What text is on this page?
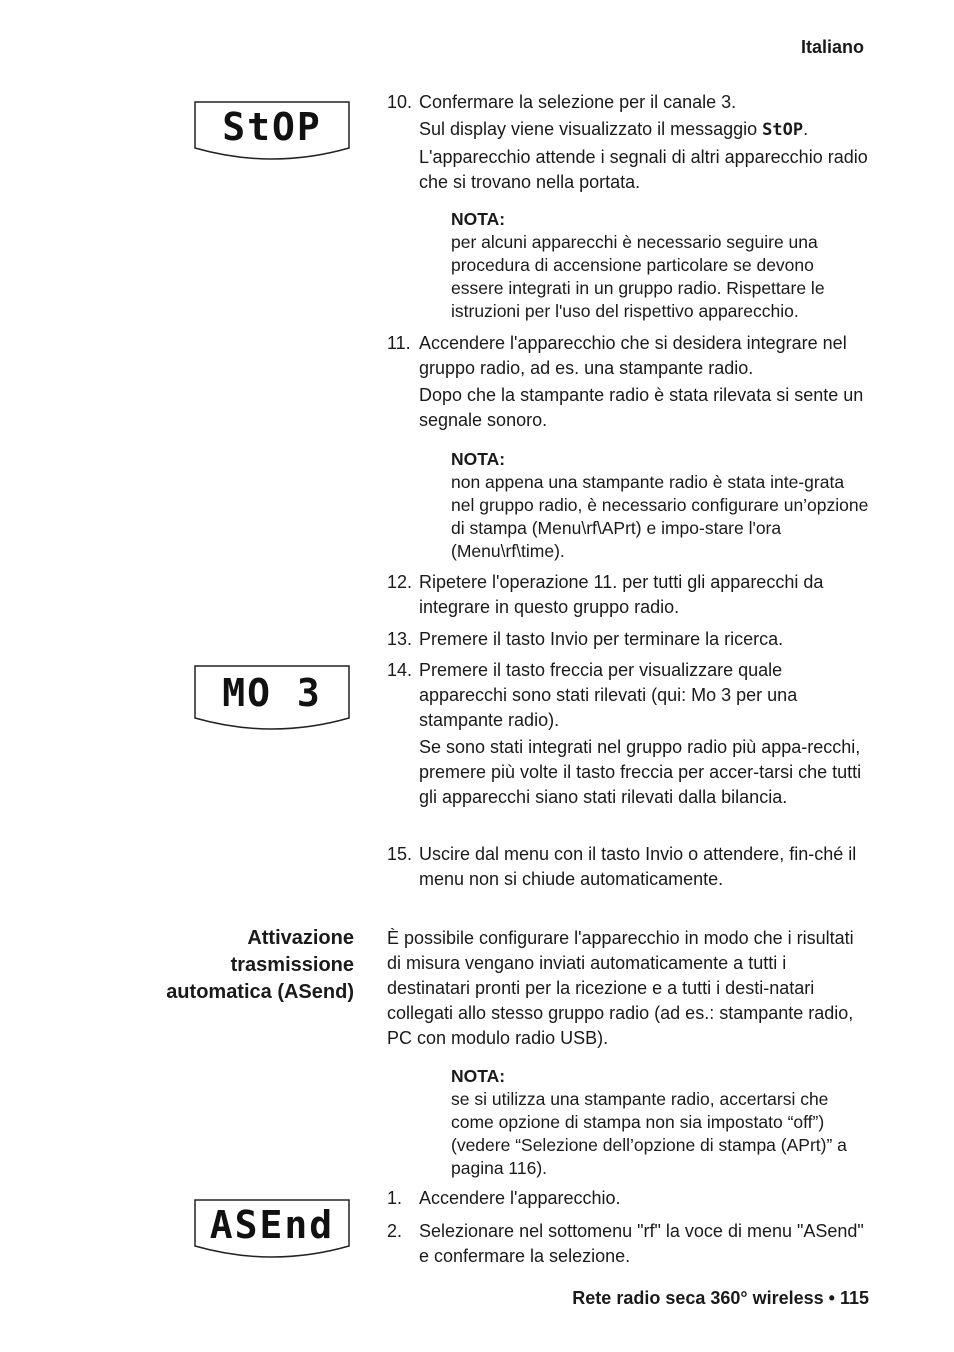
Italiano
StOP
MO 3
ASEnd
10. Confermare la selezione per il canale 3.

Sul display viene visualizzato il messaggio StOP.

L'apparecchio attende i segnali di altri apparecchio radio che si trovano nella portata.

NOTA:
per alcuni apparecchi è necessario seguire una procedura di accensione particolare se devono essere integrati in un gruppo radio. Rispettare le istruzioni per l'uso del rispettivo apparecchio.
11. Accendere l'apparecchio che si desidera integrare nel gruppo radio, ad es. una stampante radio.

Dopo che la stampante radio è stata rilevata si sente un segnale sonoro.

NOTA:
non appena una stampante radio è stata inte-grata nel gruppo radio, è necessario configurare un’opzione di stampa (Menu\rf\APrt) e impo-stare l'ora (Menu\rf\time).
12. Ripetere l'operazione 11. per tutti gli apparecchi da integrare in questo gruppo radio.

13. Premere il tasto Invio per terminare la ricerca.

14. Premere il tasto freccia per visualizzare quale apparecchi sono stati rilevati (qui: Mo 3 per una stampante radio).

Se sono stati integrati nel gruppo radio più appa-recchi, premere più volte il tasto freccia per accer-tarsi che tutti gli apparecchi siano stati rilevati dalla bilancia.

15. Uscire dal menu con il tasto Invio o attendere, fin-ché il menu non si chiude automaticamente.

Attivazione
trasmissione
automatica (ASend)
È possibile configurare l'apparecchio in modo che i risultati di misura vengano inviati automaticamente a tutti i destinatari pronti per la ricezione e a tutti i desti-natari collegati allo stesso gruppo radio (ad es.: stampante radio, PC con modulo radio USB).
NOTA:
se si utilizza una stampante radio, accertarsi che come opzione di stampa non sia impostato “off”) (vedere “Selezione dell’opzione di stampa (APrt)” a pagina 116).
1. Accendere l'apparecchio.

2. Selezionare nel sottomenu "rf" la voce di menu "ASend" e confermare la selezione.

Rete radio seca 360° wireless • 115
